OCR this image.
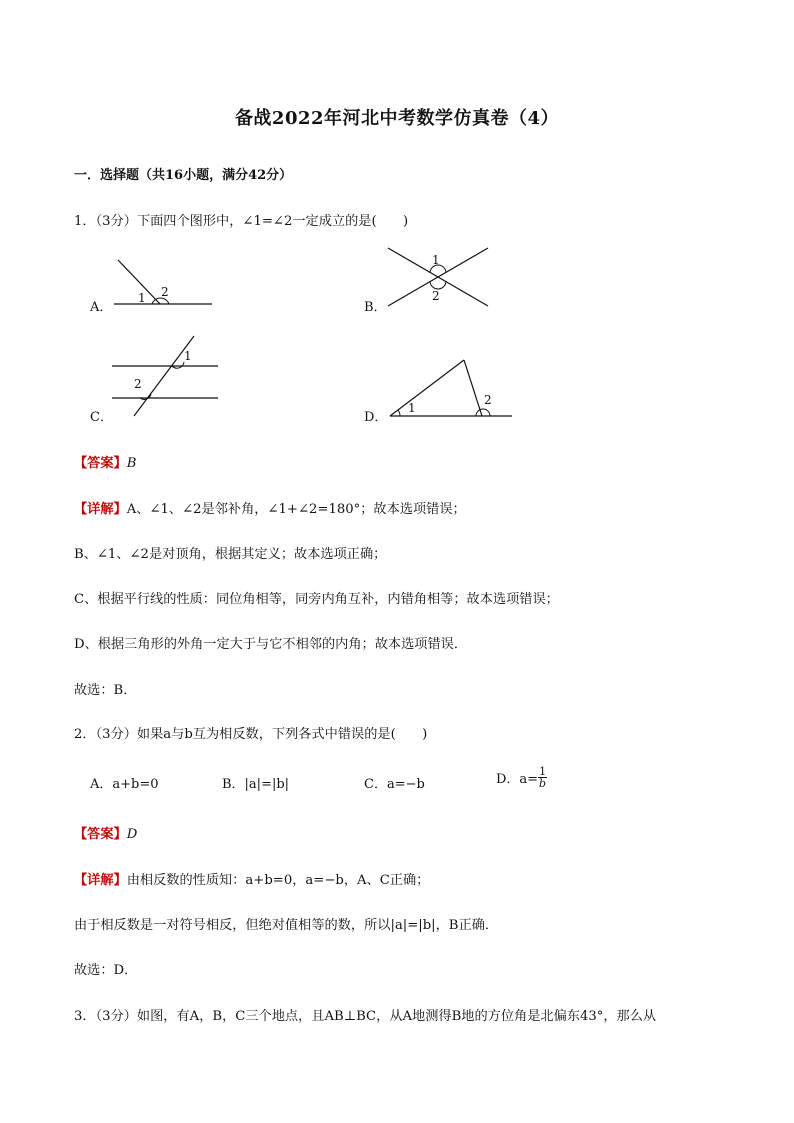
备战2022年河北中考数学仿真卷（4）
一．选择题（共16小题，满分42分）
1．（3分）下面四个图形中，∠1=∠2一定成立的是(　　)
A．
1 2
B．
1
2
C．
1
2
D．
1
2
【答案】B
【详解】A、∠1、∠2是邻补角，∠1+∠2=180°；故本选项错误；
B、∠1、∠2是对顶角，根据其定义；故本选项正确；
C、根据平行线的性质：同位角相等，同旁内角互补，内错角相等；故本选项错误；
D、根据三角形的外角一定大于与它不相邻的内角；故本选项错误．
故选：B．
2．（3分）如果a与b互为相反数，下列各式中错误的是(　　)
A．a+b=0	B．|a|=|b|	C．a=−b	D．$a= \frac{1}{b}$
【答案】D
【详解】由相反数的性质知：a+b=0，a=−b，A、C正确；
由于相反数是一对符号相反，但绝对值相等的数，所以|a|=|b|，B正确．
故选：D．
3．（3分）如图，有A，B，C三个地点，且AB⊥BC，从A地测得B地的方位角是北偏东43°，那么从
